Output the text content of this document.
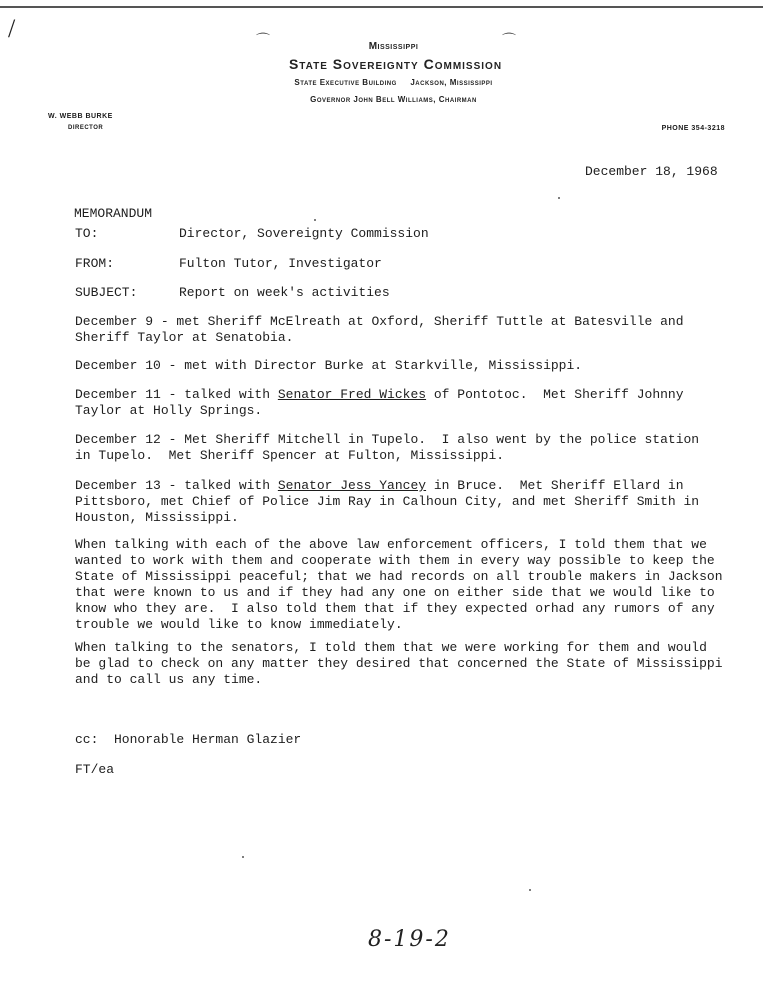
/	⌒	⌒
Mississippi
State Sovereignty Commission
State Executive Building     Jackson, Mississippi
Governor John Bell Williams, Chairman
W. WEBB BURKE
DIRECTOR	PHONE 354-3218
December 18, 1968
MEMORANDUM
TO:	Director, Sovereignty Commission
FROM:	Fulton Tutor, Investigator
SUBJECT:	Report on week's activities
December 9 - met Sheriff McElreath at Oxford, Sheriff Tuttle at Batesville and
Sheriff Taylor at Senatobia.
December 10 - met with Director Burke at Starkville, Mississippi.
December 11 - talked with Senator Fred Wickes of Pontotoc.  Met Sheriff Johnny
Taylor at Holly Springs.
December 12 - Met Sheriff Mitchell in Tupelo.  I also went by the police station
in Tupelo.  Met Sheriff Spencer at Fulton, Mississippi.
December 13 - talked with Senator Jess Yancey in Bruce.  Met Sheriff Ellard in
Pittsboro, met Chief of Police Jim Ray in Calhoun City, and met Sheriff Smith in
Houston, Mississippi.
When talking with each of the above law enforcement officers, I told them that we
wanted to work with them and cooperate with them in every way possible to keep the
State of Mississippi peaceful; that we had records on all trouble makers in Jackson
that were known to us and if they had any one on either side that we would like to
know who they are.  I also told them that if they expected orhad any rumors of any
trouble we would like to know immediately.
When talking to the senators, I told them that we were working for them and would
be glad to check on any matter they desired that concerned the State of Mississippi
and to call us any time.
cc:  Honorable Herman Glazier
FT/ea
8-19-2
